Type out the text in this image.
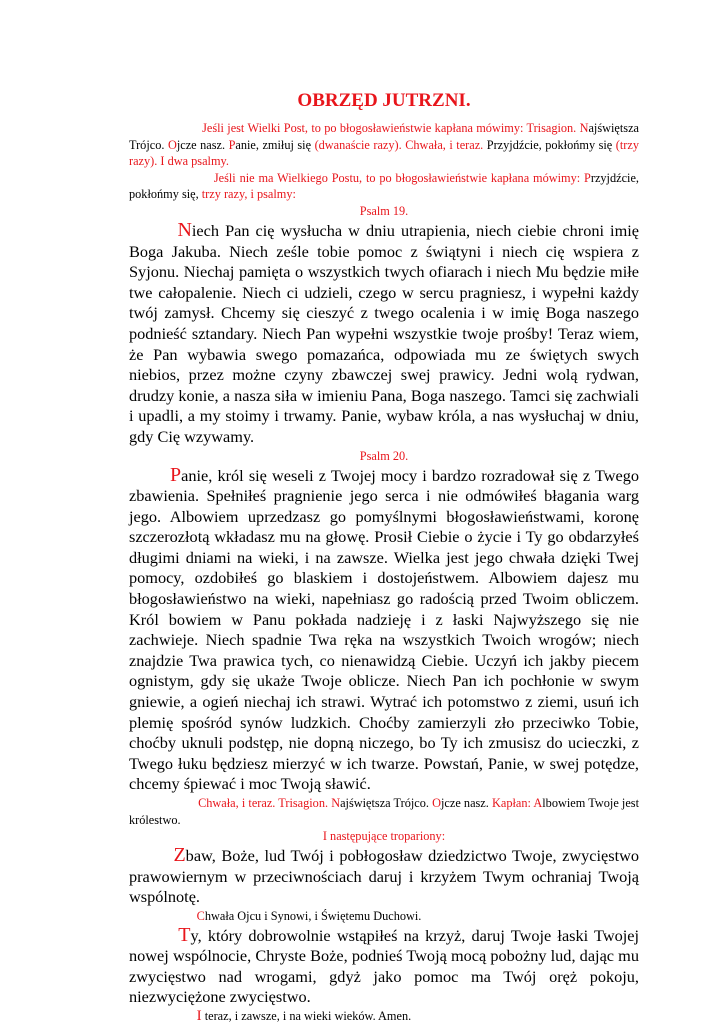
OBRZĘD JUTRZNI.

Jeśli jest Wielki Post, to po błogosławieństwie kapłana mówimy: Trisagion. Najświętsza Trójco. Ojcze nasz. Panie, zmiłuj się (dwanaście razy). Chwała, i teraz. Przyjdźcie, pokłońmy się (trzy razy). I dwa psalmy.

Jeśli nie ma Wielkiego Postu, to po błogosławieństwie kapłana mówimy: Przyjdźcie, pokłońmy się, trzy razy, i psalmy:

Psalm 19.

Niech Pan cię wysłucha w dniu utrapienia, niech ciebie chroni imię Boga Jakuba. Niech ześle tobie pomoc z świątyni i niech cię wspiera z Syjonu. Niechaj pamięta o wszystkich twych ofiarach i niech Mu będzie miłe twe całopalenie. Niech ci udzieli, czego w sercu pragniesz, i wypełni każdy twój zamysł. Chcemy się cieszyć z twego ocalenia i w imię Boga naszego podnieść sztandary. Niech Pan wypełni wszystkie twoje prośby! Teraz wiem, że Pan wybawia swego pomazańca, odpowiada mu ze świętych swych niebios, przez możne czyny zbawczej swej prawicy. Jedni wolą rydwan, drudzy konie, a nasza siła w imieniu Pana, Boga naszego. Tamci się zachwiali i upadli, a my stoimy i trwamy. Panie, wybaw króla, a nas wysłuchaj w dniu, gdy Cię wzywamy.

Psalm 20.

Panie, król się weseli z Twojej mocy i bardzo rozradował się z Twego zbawienia. Spełniłeś pragnienie jego serca i nie odmówiłeś błagania warg jego. Albowiem uprzedzasz go pomyślnymi błogosławieństwami, koronę szczerozłotą wkładasz mu na głowę. Prosił Ciebie o życie i Ty go obdarzyłeś długimi dniami na wieki, i na zawsze. Wielka jest jego chwała dzięki Twej pomocy, ozdobiłeś go blaskiem i dostojeństwem. Albowiem dajesz mu błogosławieństwo na wieki, napełniasz go radością przed Twoim obliczem. Król bowiem w Panu pokłada nadzieję i z łaski Najwyższego się nie zachwieje. Niech spadnie Twa ręka na wszystkich Twoich wrogów; niech znajdzie Twa prawica tych, co nienawidzą Ciebie. Uczyń ich jakby piecem ognistym, gdy się ukaże Twoje oblicze. Niech Pan ich pochłonie w swym gniewie, a ogień niechaj ich strawi. Wytrać ich potomstwo z ziemi, usuń ich plemię spośród synów ludzkich. Choćby zamierzyli zło przeciwko Tobie, choćby uknuli podstęp, nie dopną niczego, bo Ty ich zmusisz do ucieczki, z Twego łuku będziesz mierzyć w ich twarze. Powstań, Panie, w swej potędze, chcemy śpiewać i moc Twoją sławić.

Chwała, i teraz. Trisagion. Najświętsza Trójco. Ojcze nasz. Kapłan: Albowiem Twoje jest królestwo.

I następujące tropariony:

Zbaw, Boże, lud Twój i pobłogosław dziedzictwo Twoje, zwycięstwo prawowiernym w przeciwnościach daruj i krzyżem Twym ochraniaj Twoją wspólnotę.

Chwała Ojcu i Synowi, i Świętemu Duchowi.

Ty, który dobrowolnie wstąpiłeś na krzyż, daruj Twoje łaski Twojej nowej wspólnocie, Chryste Boże, podnieś Twoją mocą pobożny lud, dając mu zwycięstwo nad wrogami, gdyż jako pomoc ma Twój oręż pokoju, niezwyciężone zwycięstwo.

I teraz, i zawsze, i na wieki wieków. Amen.
